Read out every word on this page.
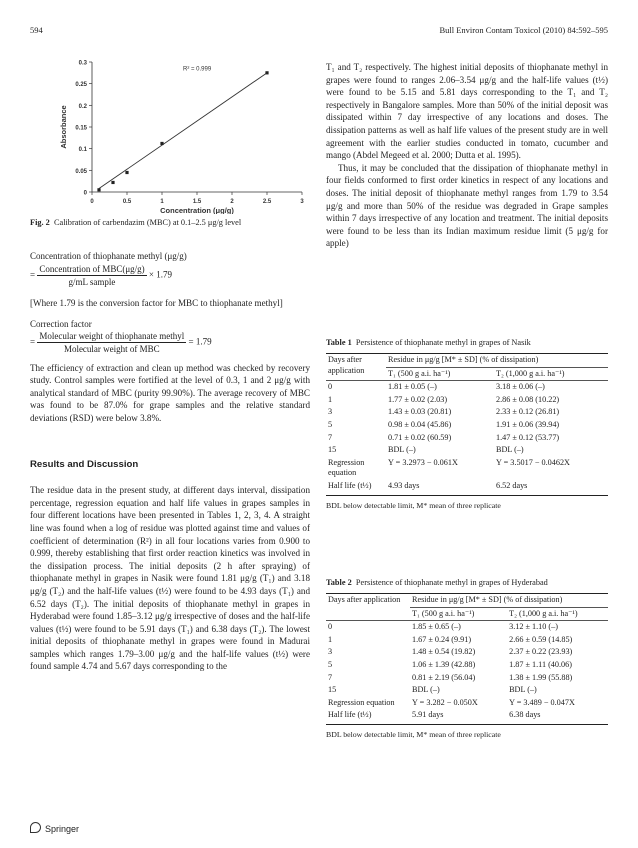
594	Bull Environ Contam Toxicol (2010) 84:592–595
0
0.05
0.1
0.15
0.2
0.25
0.3
0	0.5	1	1.5	2	2.5	3
R² = 0.999
Concentration (μg/g)
Absorbance
Fig. 2 Calibration of carbendazim (MBC) at 0.1–2.5 μg/g level
Concentration of thiophanate methyl (μg/g)
= $\frac{\text{Concentration of MBC(μg/g)}}{\text{g/mL sample}} \times 1.79$

[Where 1.79 is the conversion factor for MBC to thiophanate methyl]

Correction factor
= $\frac{\text{Molecular weight of thiophanate methyl}}{\text{Molecular weight of MBC}} = 1.79$

The efficiency of extraction and clean up method was checked by recovery study. Control samples were fortified at the level of 0.3, 1 and 2 μg/g with analytical standard of MBC (purity 99.90%). The average recovery of MBC was found to be 87.0% for grape samples and the relative standard deviations (RSD) were below 3.8%.

Results and Discussion

The residue data in the present study, at different days interval, dissipation percentage, regression equation and half life values in grapes samples in four different locations have been presented in Tables 1, 2, 3, 4. A straight line was found when a log of residue was plotted against time and values of coefficient of determination (R²) in all four locations varies from 0.900 to 0.999, thereby establishing that first order reaction kinetics was involved in the dissipation process. The initial deposits (2 h after spraying) of thiophanate methyl in grapes in Nasik were found 1.81 μg/g (T₁) and 3.18 μg/g (T₂) and the half-life values (t½) were found to be 4.93 days (T₁) and 6.52 days (T₂). The initial deposits of thiophanate methyl in grapes in Hyderabad were found 1.85–3.12 μg/g irrespective of doses and the half-life values (t½) were found to be 5.91 days (T₁) and 6.38 days (T₂). The lowest initial deposits of thiophanate methyl in grapes were found in Madurai samples which ranges 1.79–3.00 μg/g and the half-life values (t½) were found sample 4.74 and 5.67 days corresponding to the

T₁ and T₂ respectively. The highest initial deposits of thiophanate methyl in grapes were found to ranges 2.06–3.54 μg/g and the half-life values (t½) were found to be 5.15 and 5.81 days corresponding to the T₁ and T₂ respectively in Bangalore samples. More than 50% of the initial deposit was dissipated within 7 day irrespective of any locations and doses. The dissipation patterns as well as half life values of the present study are in well agreement with the earlier studies conducted in tomato, cucumber and mango (Abdel Megeed et al. 2000; Dutta et al. 1995).

Thus, it may be concluded that the dissipation of thiophanate methyl in four fields conformed to first order kinetics in respect of any locations and doses. The initial deposit of thiophanate methyl ranges from 1.79 to 3.54 μg/g and more than 50% of the residue was degraded in Grape samples within 7 days irrespective of any location and treatment. The initial deposits were found to be less than its Indian maximum residue limit (5 μg/g for apple)

Table 1 Persistence of thiophanate methyl in grapes of Nasik
Days after application	Residue in μg/g [M* ± SD] (% of dissipation)	
	T₁ (500 g a.i. ha⁻¹)	T₂ (1,000 g a.i. ha⁻¹)
0	1.81 ± 0.05 (–)	3.18 ± 0.06 (–)
1	1.77 ± 0.02 (2.03)	2.86 ± 0.08 (10.22)
3	1.43 ± 0.03 (20.81)	2.33 ± 0.12 (26.81)
5	0.98 ± 0.04 (45.86)	1.91 ± 0.06 (39.94)
7	0.71 ± 0.02 (60.59)	1.47 ± 0.12 (53.77)
15	BDL (–)	BDL (–)
Regression equation	Y = 3.2973 − 0.061X	Y = 3.5017 − 0.0462X
Half life (t½)	4.93 days	6.52 days
BDL below detectable limit, M* mean of three replicate
Table 2 Persistence of thiophanate methyl in grapes of Hyderabad
Days after application	Residue in μg/g [M* ± SD] (% of dissipation)	
	T₁ (500 g a.i. ha⁻¹)	T₂ (1,000 g a.i. ha⁻¹)
0	1.85 ± 0.65 (–)	3.12 ± 1.10 (–)
1	1.67 ± 0.24 (9.91)	2.66 ± 0.59 (14.85)
3	1.48 ± 0.54 (19.82)	2.37 ± 0.22 (23.93)
5	1.06 ± 1.39 (42.88)	1.87 ± 1.11 (40.06)
7	0.81 ± 2.19 (56.04)	1.38 ± 1.99 (55.88)
15	BDL (–)	BDL (–)
Regression equation	Y = 3.282 − 0.050X	Y = 3.489 − 0.047X
Half life (t½)	5.91 days	6.38 days
BDL below detectable limit, M* mean of three replicate
Springer
